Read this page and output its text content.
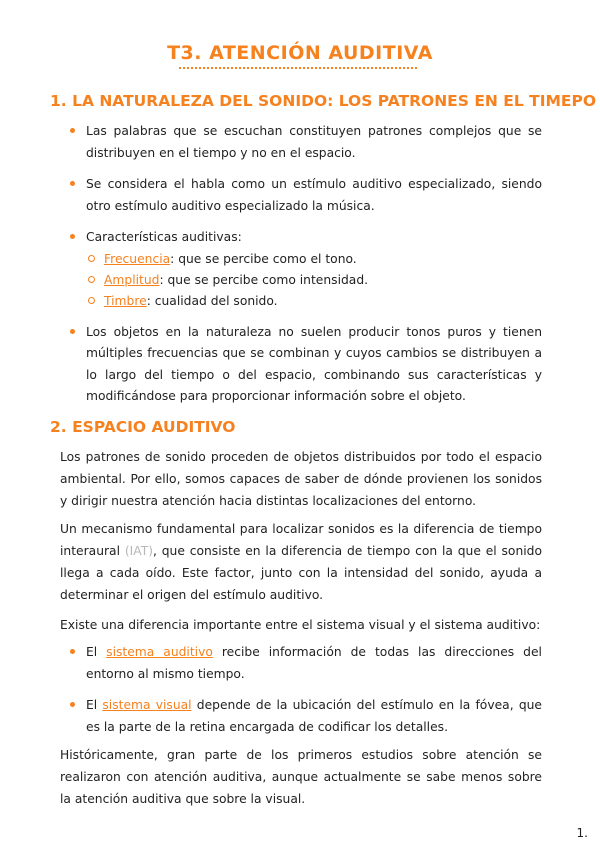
T3. ATENCIÓN AUDITIVA
1. LA NATURALEZA DEL SONIDO: LOS PATRONES EN EL TIMEPO
Las palabras que se escuchan constituyen patrones complejos que se distribuyen en el tiempo y no en el espacio.
Se considera el habla como un estímulo auditivo especializado, siendo otro estímulo auditivo especializado la música.
Características auditivas:
Frecuencia: que se percibe como el tono.
Amplitud: que se percibe como intensidad.
Timbre: cualidad del sonido.
Los objetos en la naturaleza no suelen producir tonos puros y tienen múltiples frecuencias que se combinan y cuyos cambios se distribuyen a lo largo del tiempo o del espacio, combinando sus características y modificándose para proporcionar información sobre el objeto.
2. ESPACIO AUDITIVO

Los patrones de sonido proceden de objetos distribuidos por todo el espacio ambiental. Por ello, somos capaces de saber de dónde provienen los sonidos y dirigir nuestra atención hacia distintas localizaciones del entorno.

Un mecanismo fundamental para localizar sonidos es la diferencia de tiempo interaural (IAT), que consiste en la diferencia de tiempo con la que el sonido llega a cada oído. Este factor, junto con la intensidad del sonido, ayuda a determinar el origen del estímulo auditivo.

Existe una diferencia importante entre el sistema visual y el sistema auditivo:

El sistema auditivo recibe información de todas las direcciones del entorno al mismo tiempo.
El sistema visual depende de la ubicación del estímulo en la fóvea, que es la parte de la retina encargada de codificar los detalles.

Históricamente, gran parte de los primeros estudios sobre atención se realizaron con atención auditiva, aunque actualmente se sabe menos sobre la atención auditiva que sobre la visual.

1.
